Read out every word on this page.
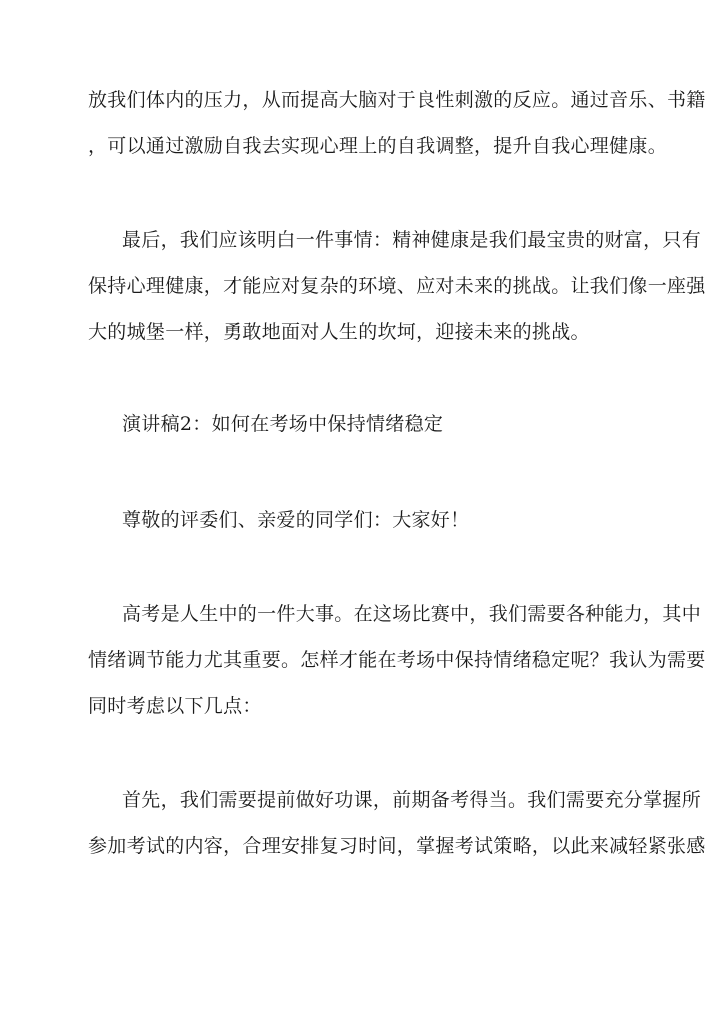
放我们体内的压力，从而提高大脑对于良性刺激的反应。通过音乐、书籍
，可以通过激励自我去实现心理上的自我调整，提升自我心理健康。
最后，我们应该明白一件事情：精神健康是我们最宝贵的财富，只有
保持心理健康，才能应对复杂的环境、应对未来的挑战。让我们像一座强
大的城堡一样，勇敢地面对人生的坎坷，迎接未来的挑战。
演讲稿2：如何在考场中保持情绪稳定
尊敬的评委们、亲爱的同学们：大家好！
高考是人生中的一件大事。在这场比赛中，我们需要各种能力，其中
情绪调节能力尤其重要。怎样才能在考场中保持情绪稳定呢？我认为需要
同时考虑以下几点：
首先，我们需要提前做好功课，前期备考得当。我们需要充分掌握所
参加考试的内容，合理安排复习时间，掌握考试策略，以此来减轻紧张感
